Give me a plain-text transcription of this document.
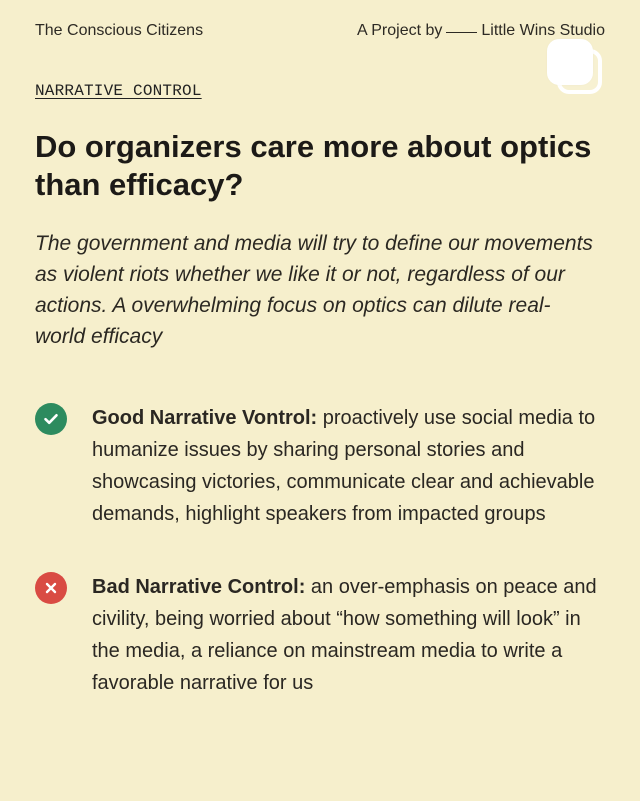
The Conscious Citizens	A Project by Little Wins Studio
NARRATIVE CONTROL
Do organizers care more about optics than efficacy?

The government and media will try to define our movements as violent riots whether we like it or not, regardless of our actions. A overwhelming focus on optics can dilute real-world efficacy

Good Narrative Vontrol: proactively use social media to humanize issues by sharing personal stories and showcasing victories, communicate clear and achievable demands, highlight speakers from impacted groups

Bad Narrative Control: an over-emphasis on peace and civility, being worried about “how something will look” in the media, a reliance on mainstream media to write a favorable narrative for us
